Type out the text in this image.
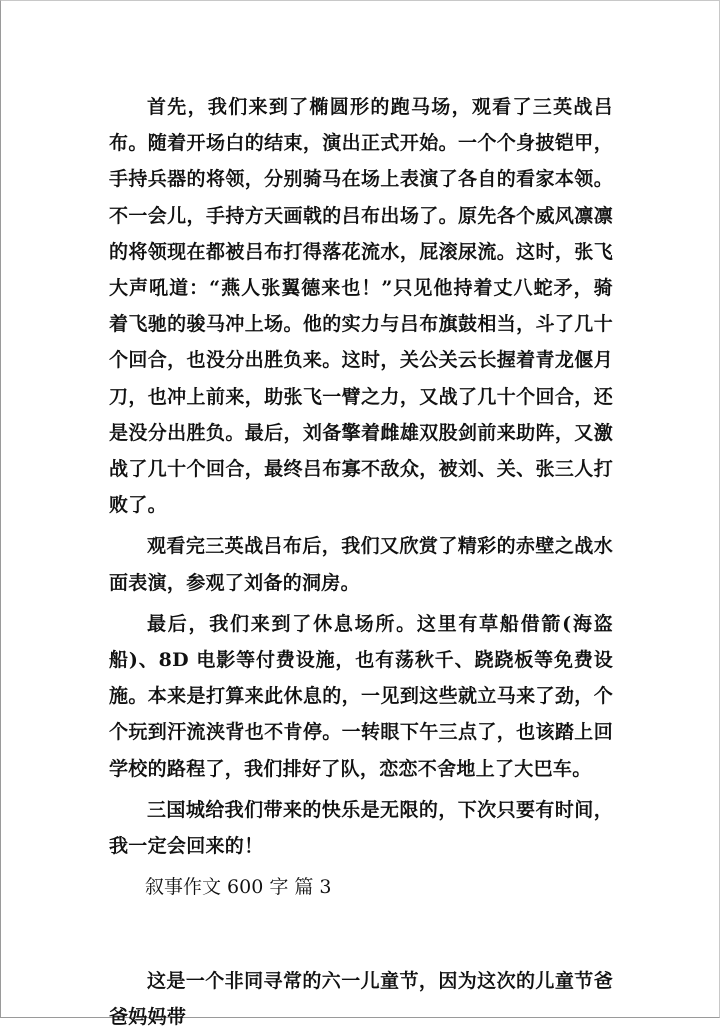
首先，我们来到了椭圆形的跑马场，观看了三英战吕布。随着开场白的结束，演出正式开始。一个个身披铠甲，手持兵器的将领，分别骑马在场上表演了各自的看家本领。不一会儿，手持方天画戟的吕布出场了。原先各个威风凛凛的将领现在都被吕布打得落花流水，屁滚尿流。这时，张飞大声吼道：“燕人张翼德来也！”只见他持着丈八蛇矛，骑着飞驰的骏马冲上场。他的实力与吕布旗鼓相当，斗了几十个回合，也没分出胜负来。这时，关公关云长握着青龙偃月刀，也冲上前来，助张飞一臂之力，又战了几十个回合，还是没分出胜负。最后，刘备擎着雌雄双股剑前来助阵，又激战了几十个回合，最终吕布寡不敌众，被刘、关、张三人打败了。

观看完三英战吕布后，我们又欣赏了精彩的赤壁之战水面表演，参观了刘备的洞房。

最后，我们来到了休息场所。这里有草船借箭(海盗船)、8D 电影等付费设施，也有荡秋千、跷跷板等免费设施。本来是打算来此休息的，一见到这些就立马来了劲，个个玩到汗流浃背也不肯停。一转眼下午三点了，也该踏上回学校的路程了，我们排好了队，恋恋不舍地上了大巴车。

三国城给我们带来的快乐是无限的，下次只要有时间，我一定会回来的！

叙事作文 600 字 篇 3

这是一个非同寻常的六一儿童节，因为这次的儿童节爸爸妈妈带
